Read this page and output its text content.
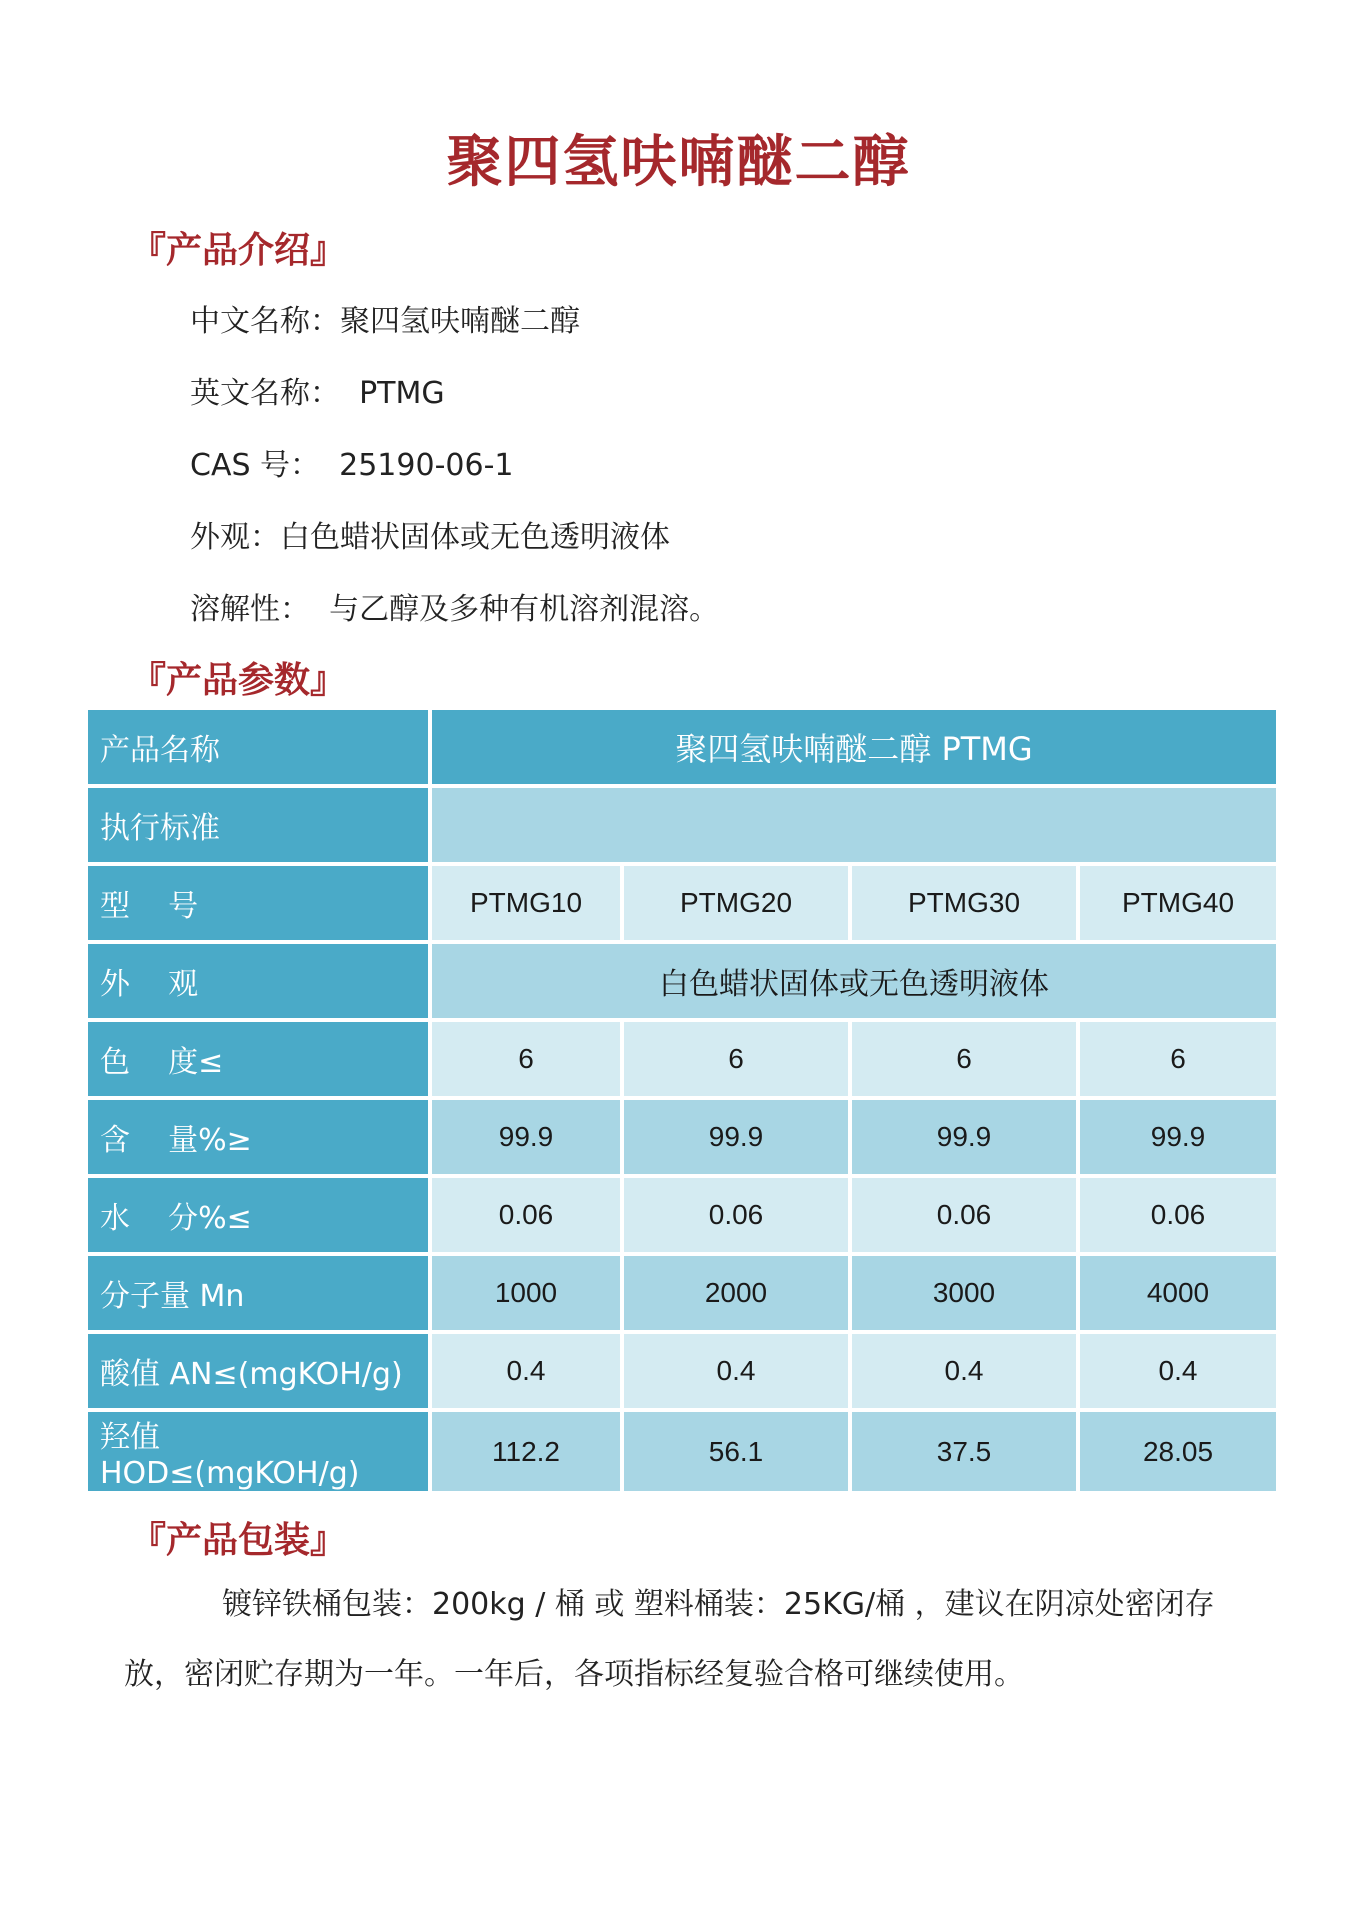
聚四氢呋喃醚二醇
『产品介绍』
中文名称：聚四氢呋喃醚二醇
英文名称：  PTMG
CAS 号：  25190-06-1
外观：白色蜡状固体或无色透明液体
溶解性：  与乙醇及多种有机溶剂混溶。
『产品参数』
产品名称	聚四氢呋喃醚二醇 PTMG			
执行标准				
型    号	PTMG10	PTMG20	PTMG30	PTMG40
外    观	白色蜡状固体或无色透明液体			
色    度≤	6	6	6	6
含    量%≥	99.9	99.9	99.9	99.9
水    分%≤	0.06	0.06	0.06	0.06
分子量 Mn	1000	2000	3000	4000
酸值 AN≤(mgKOH/g)	0.4	0.4	0.4	0.4
羟值 HOD≤(mgKOH/g)	112.2	56.1	37.5	28.05
『产品包装』
镀锌铁桶包装：200kg / 桶 或 塑料桶装：25KG/桶 ，建议在阴凉处密闭存放，密闭贮存期为一年。一年后，各项指标经复验合格可继续使用。
